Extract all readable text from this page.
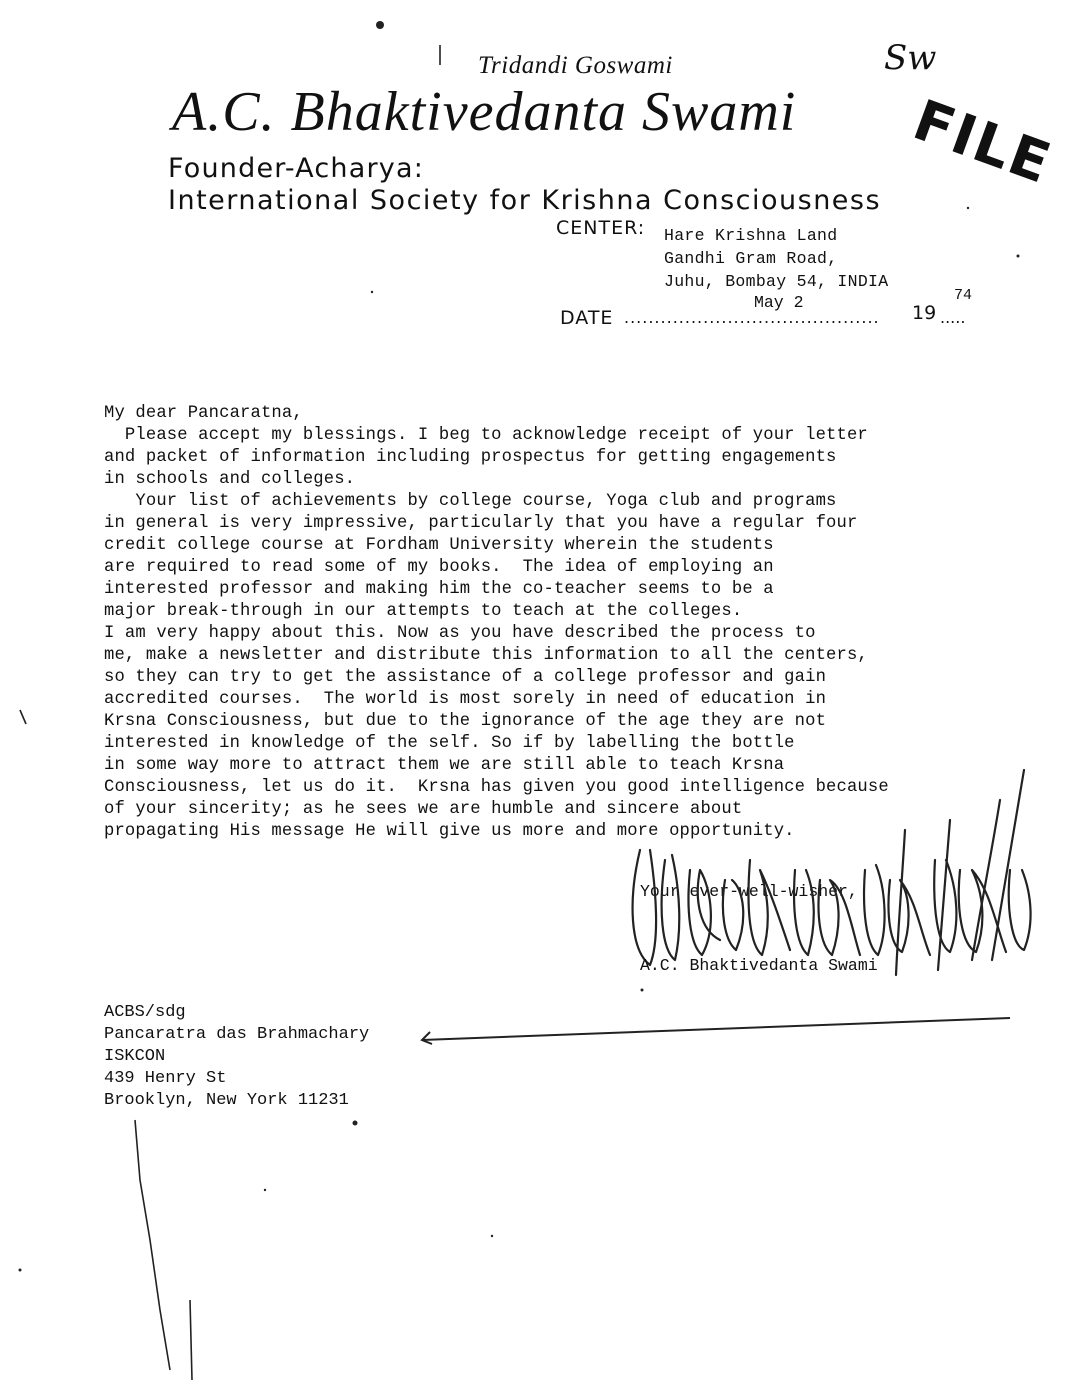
Tridandi Goswami
A.C. Bhaktivedanta Swami
Founder-Acharya:
International Society for Krishna Consciousness
CENTER:
DATE .......................................... 19 .....
Sw
FILE
Hare Krishna Land
Gandhi Gram Road,
Juhu, Bombay 54, INDIA
May 2	74
My dear Pancaratna,
Please accept my blessings. I beg to acknowledge receipt of your letter
and packet of information including prospectus for getting engagements
in schools and colleges.
Your list of achievements by college course, Yoga club and programs
in general is very impressive, particularly that you have a regular four
credit college course at Fordham University wherein the students
are required to read some of my books.  The idea of employing an
interested professor and making him the co-teacher seems to be a
major break-through in our attempts to teach at the colleges.
I am very happy about this. Now as you have described the process to
me, make a newsletter and distribute this information to all the centers,
so they can try to get the assistance of a college professor and gain
accredited courses.  The world is most sorely in need of education in
Krsna Consciousness, but due to the ignorance of the age they are not
interested in knowledge of the self. So if by labelling the bottle
in some way more to attract them we are still able to teach Krsna
Consciousness, let us do it.  Krsna has given you good intelligence because
of your sincerity; as he sees we are humble and sincere about
propagating His message He will give us more and more opportunity.
Your ever-well-wisher,
A.C. Bhaktivedanta Swami
ACBS/sdg
Pancaratra das Brahmachary
ISKCON
439 Henry St
Brooklyn, New York 11231
